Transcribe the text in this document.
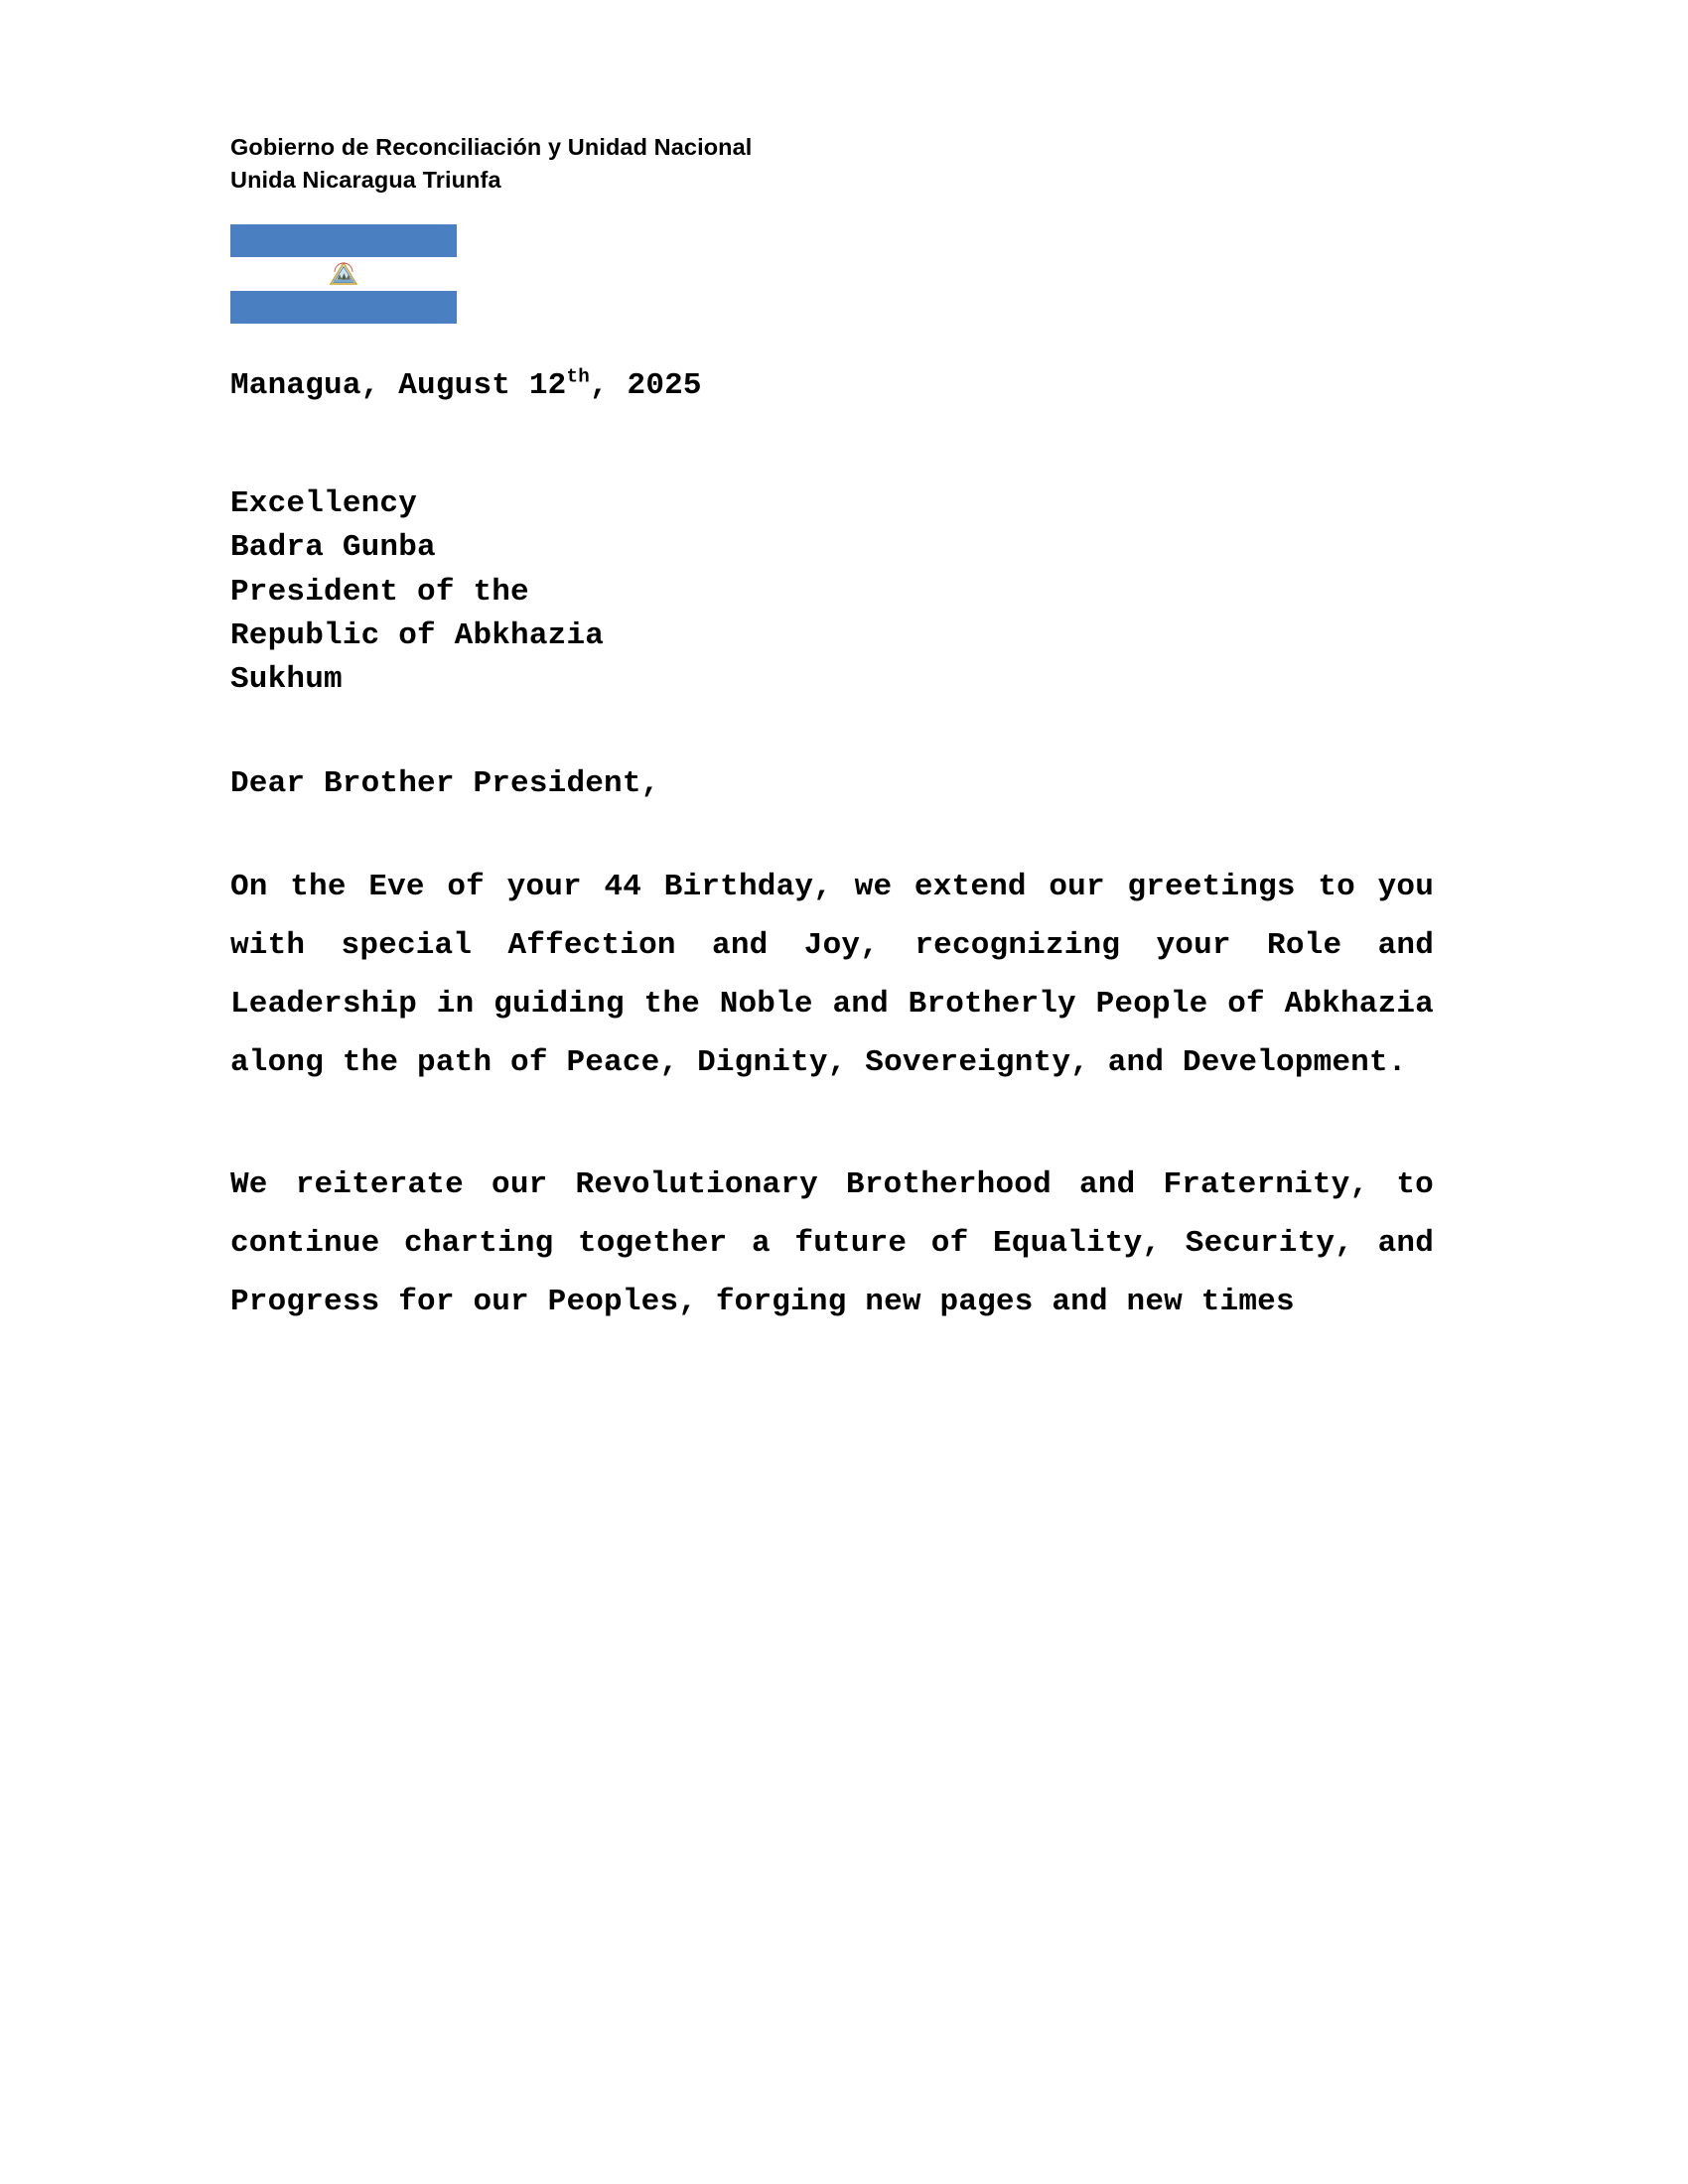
Gobierno de Reconciliación y Unidad Nacional
Unida Nicaragua Triunfa
Managua, August 12th, 2025
Excellency
Badra Gunba
President of the
Republic of Abkhazia
Sukhum
Dear Brother President,
On the Eve of your 44 Birthday, we extend our greetings to you with special Affection and Joy, recognizing your Role and Leadership in guiding the Noble and Brotherly People of Abkhazia along the path of Peace, Dignity, Sovereignty, and Development.
We reiterate our Revolutionary Brotherhood and Fraternity, to continue charting together a future of Equality, Security, and Progress for our Peoples, forging new pages and new times
